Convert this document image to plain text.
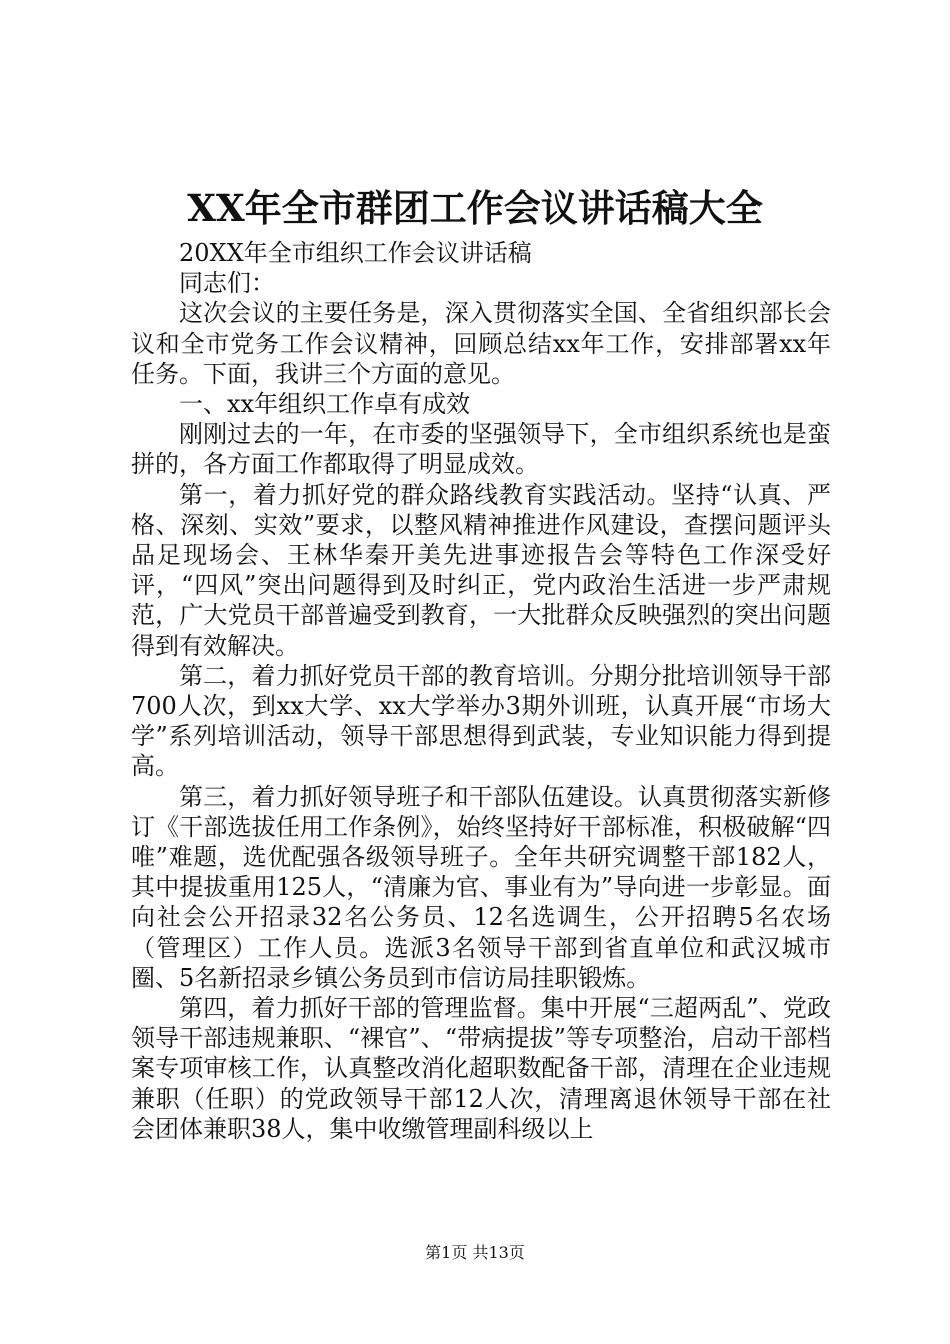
XX年全市群团工作会议讲话稿大全

20XX年全市组织工作会议讲话稿

同志们：

这次会议的主要任务是，深入贯彻落实全国、全省组织部长会议和全市党务工作会议精神，回顾总结xx年工作，安排部署xx年任务。下面，我讲三个方面的意见。

一、xx年组织工作卓有成效

刚刚过去的一年，在市委的坚强领导下，全市组织系统也是蛮拼的，各方面工作都取得了明显成效。

第一，着力抓好党的群众路线教育实践活动。坚持“认真、严格、深刻、实效”要求，以整风精神推进作风建设，查摆问题评头品足现场会、王林华秦开美先进事迹报告会等特色工作深受好评，“四风”突出问题得到及时纠正，党内政治生活进一步严肃规范，广大党员干部普遍受到教育，一大批群众反映强烈的突出问题得到有效解决。

第二，着力抓好党员干部的教育培训。分期分批培训领导干部700人次，到xx大学、xx大学举办3期外训班，认真开展“市场大学”系列培训活动，领导干部思想得到武装，专业知识能力得到提高。

第三，着力抓好领导班子和干部队伍建设。认真贯彻落实新修订《干部选拔任用工作条例》，始终坚持好干部标准，积极破解“四唯”难题，选优配强各级领导班子。全年共研究调整干部182人，其中提拔重用125人，“清廉为官、事业有为”导向进一步彰显。面向社会公开招录32名公务员、12名选调生，公开招聘5名农场（管理区）工作人员。选派3名领导干部到省直单位和武汉城市圈、5名新招录乡镇公务员到市信访局挂职锻炼。

第四，着力抓好干部的管理监督。集中开展“三超两乱”、党政领导干部违规兼职、“裸官”、“带病提拔”等专项整治，启动干部档案专项审核工作，认真整改消化超职数配备干部，清理在企业违规兼职（任职）的党政领导干部12人次，清理离退休领导干部在社会团体兼职38人，集中收缴管理副科级以上

第1页 共13页
